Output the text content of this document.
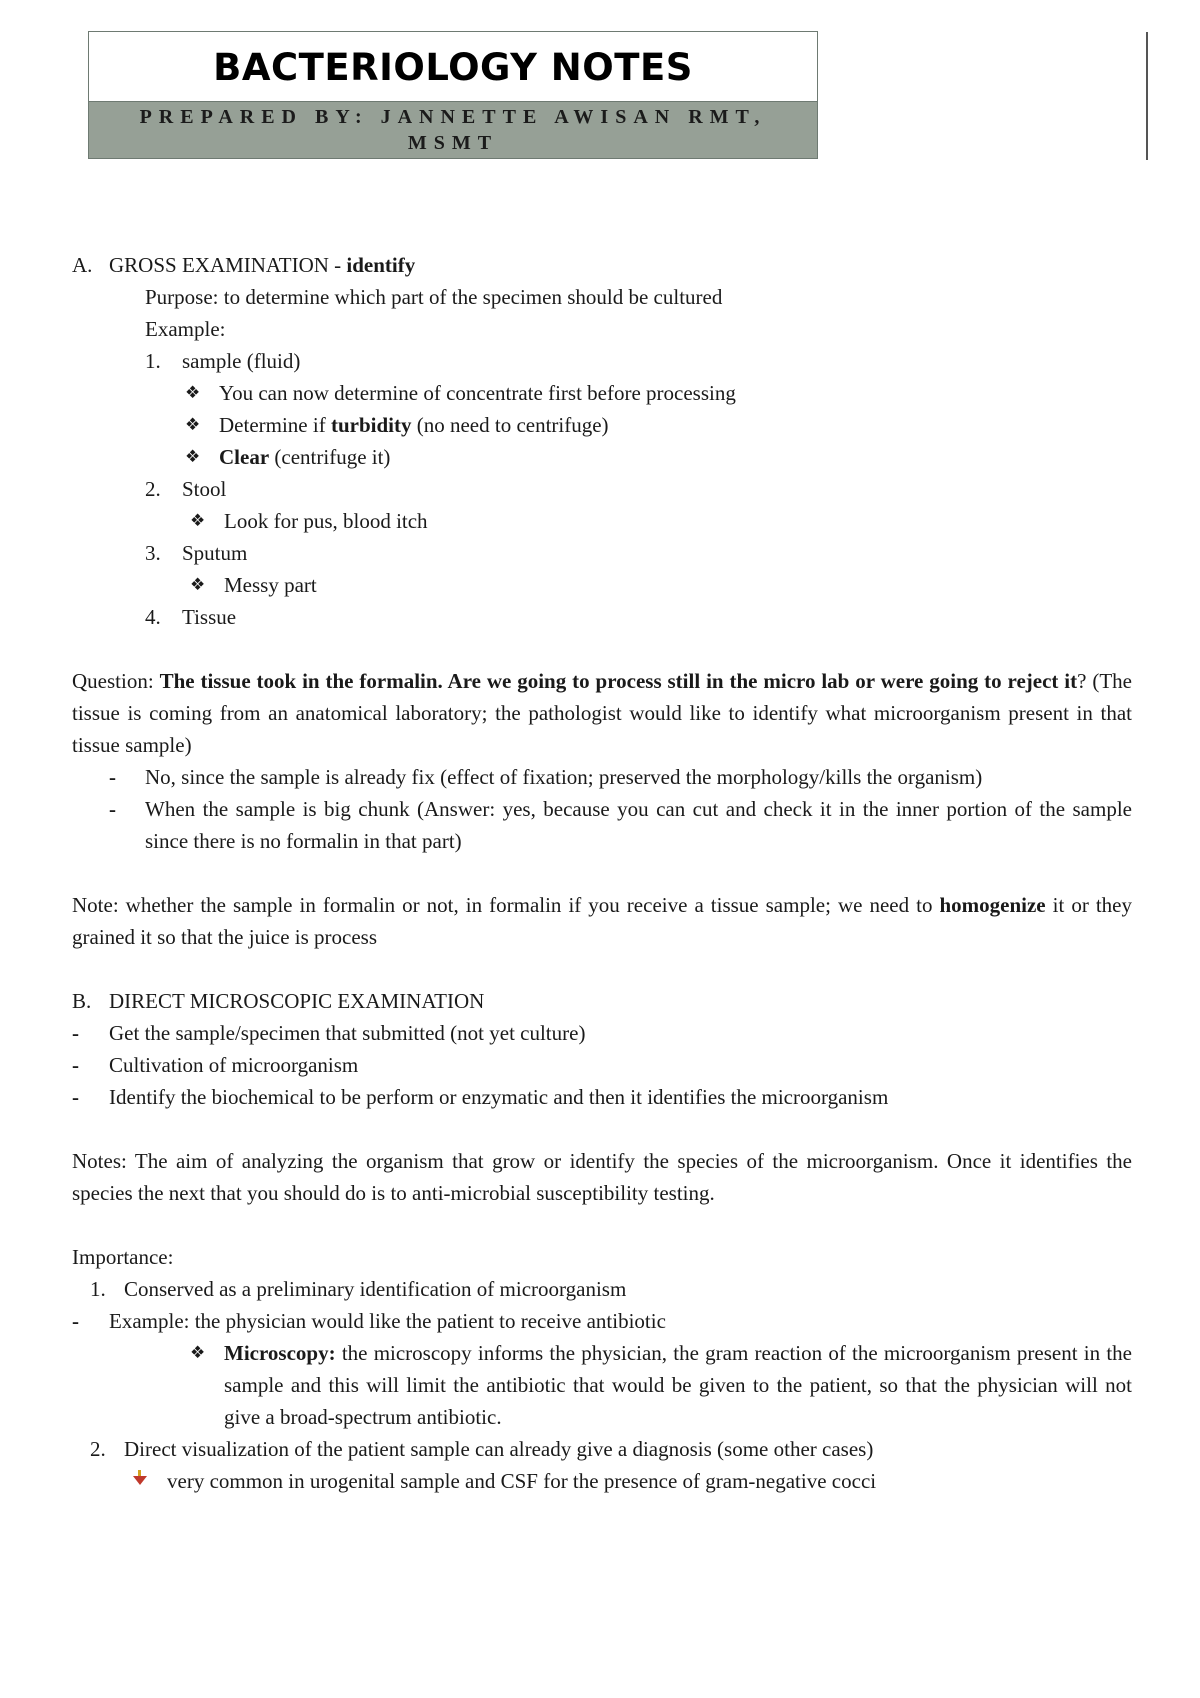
BACTERIOLOGY NOTES
PREPARED BY: JANNETTE AWISAN RMT, MSMT
A. GROSS EXAMINATION - identify
Purpose: to determine which part of the specimen should be cultured
Example:
1. sample (fluid)
❖ You can now determine of concentrate first before processing
❖ Determine if turbidity (no need to centrifuge)
❖ Clear (centrifuge it)
2. Stool
❖ Look for pus, blood itch
3. Sputum
❖ Messy part
4. Tissue
Question: The tissue took in the formalin. Are we going to process still in the micro lab or were going to reject it? (The tissue is coming from an anatomical laboratory; the pathologist would like to identify what microorganism present in that tissue sample)
- No, since the sample is already fix (effect of fixation; preserved the morphology/kills the organism)
- When the sample is big chunk (Answer: yes, because you can cut and check it in the inner portion of the sample since there is no formalin in that part)
Note: whether the sample in formalin or not, in formalin if you receive a tissue sample; we need to homogenize it or they grained it so that the juice is process
B. DIRECT MICROSCOPIC EXAMINATION
- Get the sample/specimen that submitted (not yet culture)
- Cultivation of microorganism
- Identify the biochemical to be perform or enzymatic and then it identifies the microorganism
Notes: The aim of analyzing the organism that grow or identify the species of the microorganism. Once it identifies the species the next that you should do is to anti-microbial susceptibility testing.
Importance:
1. Conserved as a preliminary identification of microorganism
- Example: the physician would like the patient to receive antibiotic
❖ Microscopy: the microscopy informs the physician, the gram reaction of the microorganism present in the sample and this will limit the antibiotic that would be given to the patient, so that the physician will not give a broad-spectrum antibiotic.
2. Direct visualization of the patient sample can already give a diagnosis (some other cases)
very common in urogenital sample and CSF for the presence of gram-negative cocci
